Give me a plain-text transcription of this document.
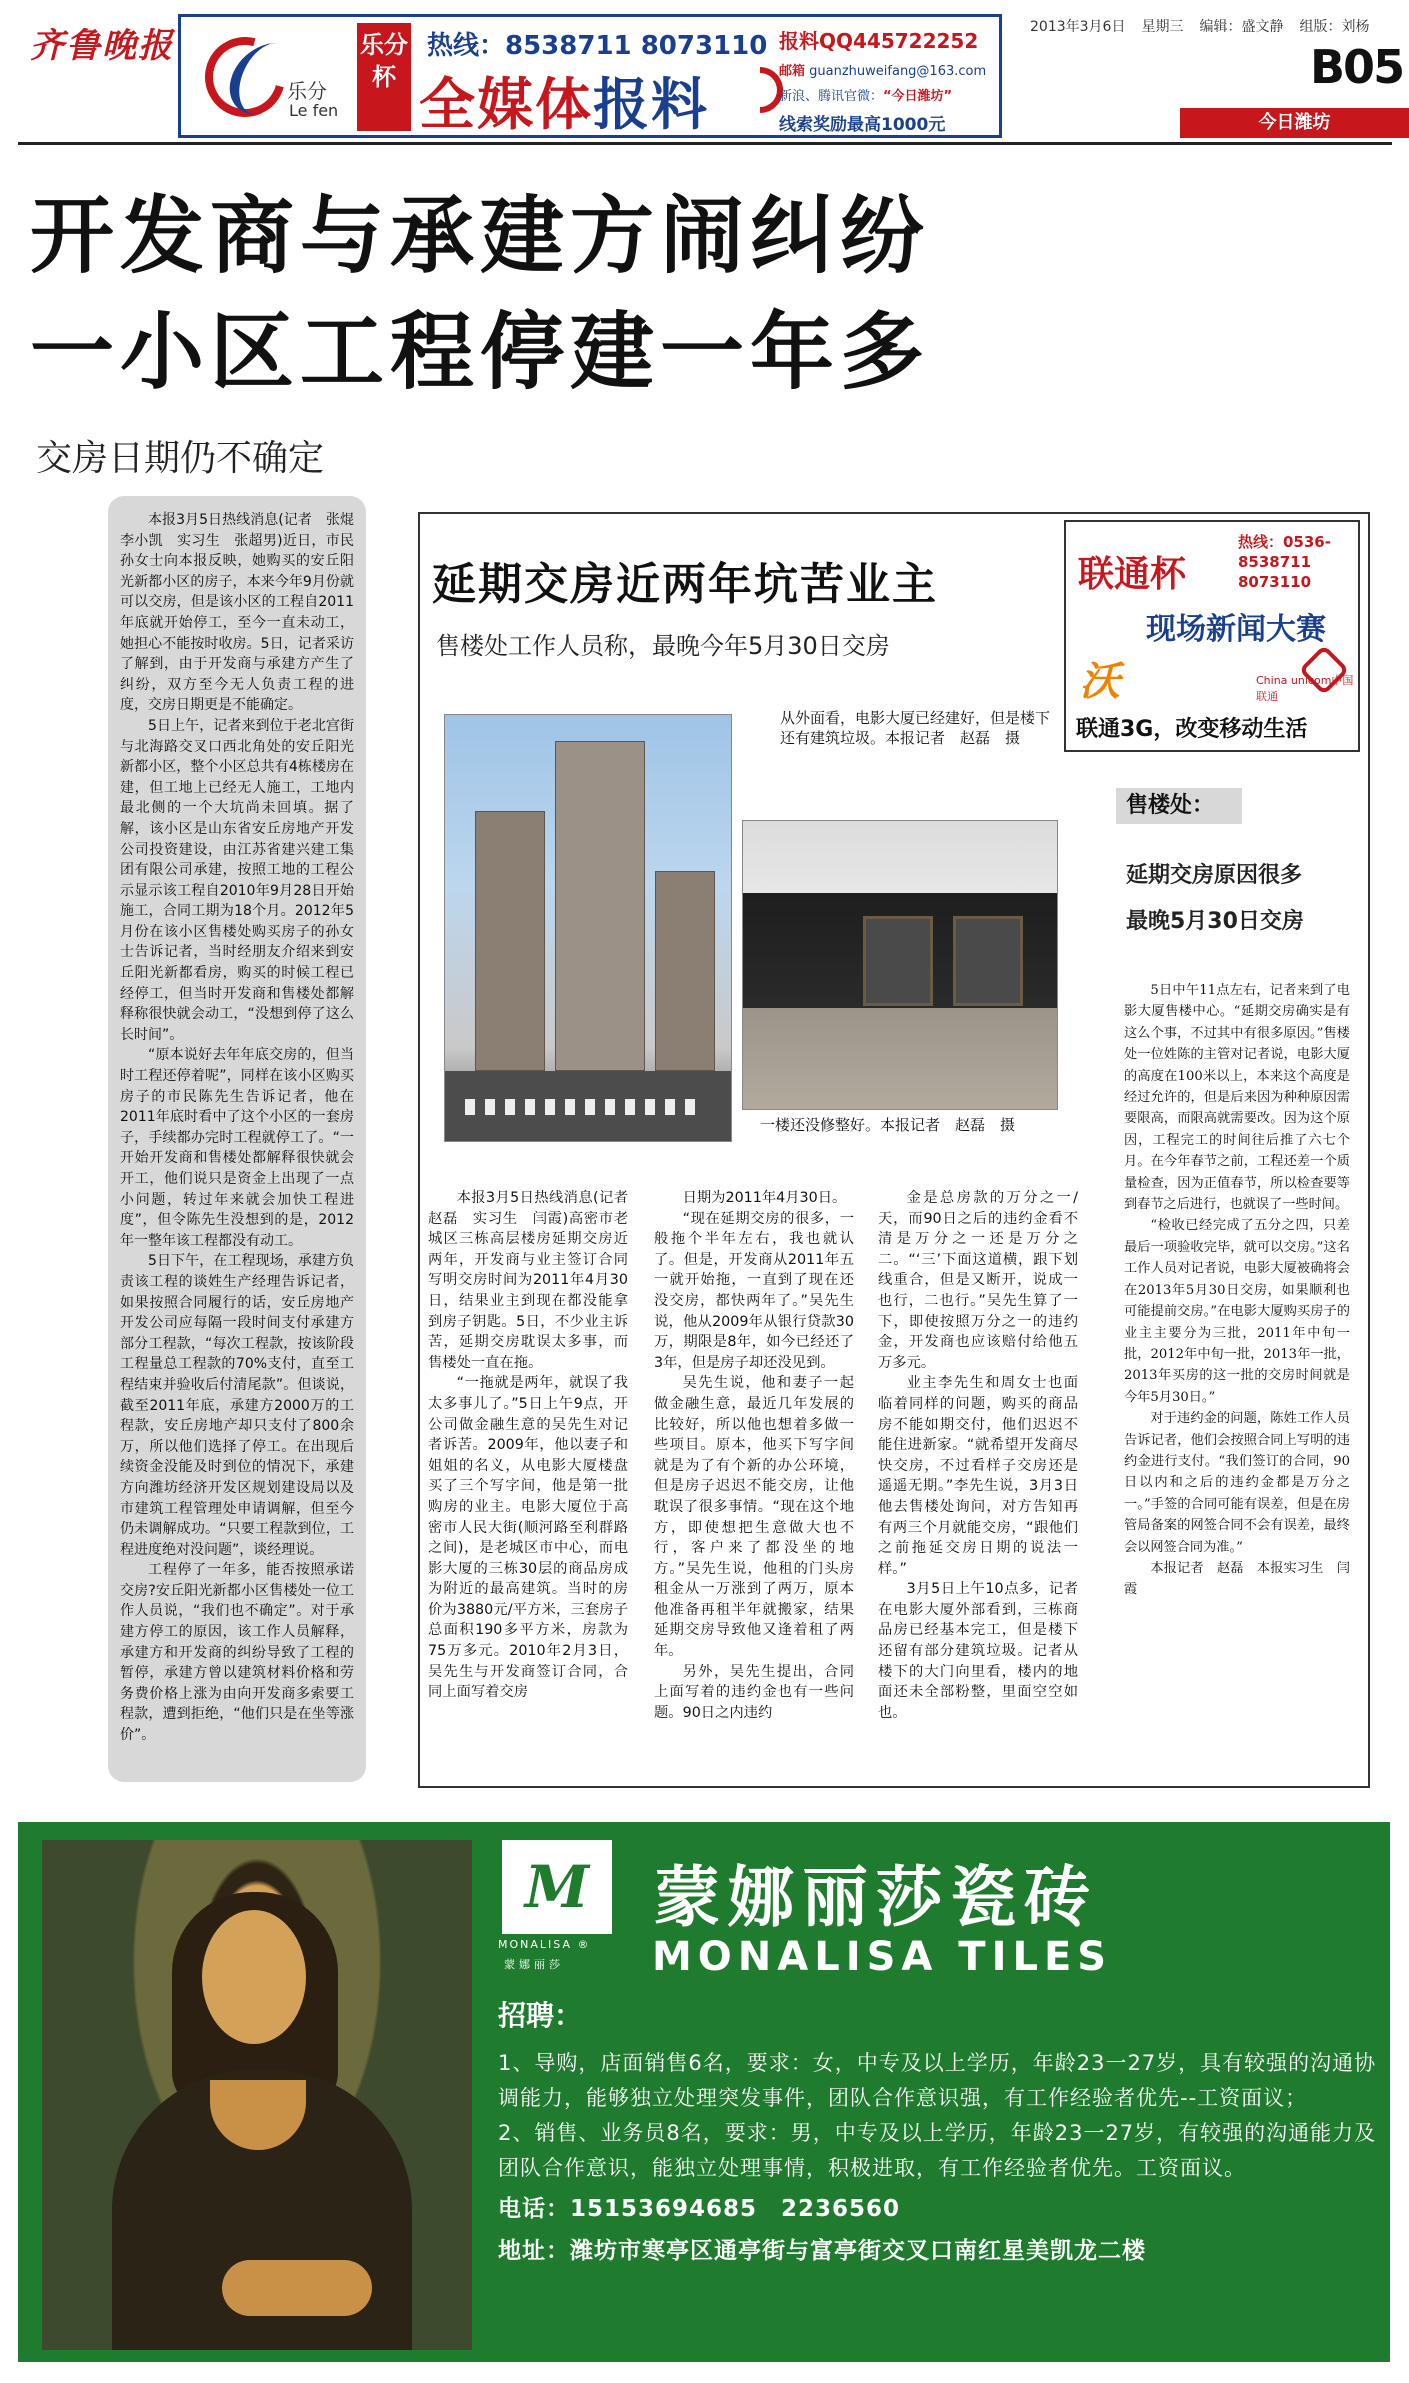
齐鲁晚报
乐分
Le fen
乐分杯
热线：8538711 8073110
全媒体报料
报料QQ445722252
邮箱 guanzhuweifang@163.com
新浪、腾讯官微：“今日潍坊”
线索奖励最高1000元
2013年3月6日 星期三 编辑：盛文静 组版：刘杨
B05
今日潍坊
开发商与承建方闹纠纷
一小区工程停建一年多
交房日期仍不确定

本报3月5日热线消息(记者　张焜　李小凯　实习生　张超男)近日，市民孙女士向本报反映，她购买的安丘阳光新都小区的房子，本来今年9月份就可以交房，但是该小区的工程自2011年底就开始停工，至今一直未动工，她担心不能按时收房。5日，记者采访了解到，由于开发商与承建方产生了纠纷，双方至今无人负责工程的进度，交房日期更是不能确定。

5日上午，记者来到位于老北宫街与北海路交叉口西北角处的安丘阳光新都小区，整个小区总共有4栋楼房在建，但工地上已经无人施工，工地内最北侧的一个大坑尚未回填。据了解，该小区是山东省安丘房地产开发公司投资建设，由江苏省建兴建工集团有限公司承建，按照工地的工程公示显示该工程自2010年9月28日开始施工，合同工期为18个月。2012年5月份在该小区售楼处购买房子的孙女士告诉记者，当时经朋友介绍来到安丘阳光新都看房，购买的时候工程已经停工，但当时开发商和售楼处都解释称很快就会动工，“没想到停了这么长时间”。

“原本说好去年年底交房的，但当时工程还停着呢”，同样在该小区购买房子的市民陈先生告诉记者，他在2011年底时看中了这个小区的一套房子，手续都办完时工程就停工了。“一开始开发商和售楼处都解释很快就会开工，他们说只是资金上出现了一点小问题，转过年来就会加快工程进度”，但令陈先生没想到的是，2012年一整年该工程都没有动工。

5日下午，在工程现场，承建方负责该工程的谈姓生产经理告诉记者，如果按照合同履行的话，安丘房地产开发公司应每隔一段时间支付承建方部分工程款，“每次工程款，按该阶段工程量总工程款的70%支付，直至工程结束并验收后付清尾款”。但谈说，截至2011年底，承建方2000万的工程款，安丘房地产却只支付了800余万，所以他们选择了停工。在出现后续资金没能及时到位的情况下，承建方向潍坊经济开发区规划建设局以及市建筑工程管理处申请调解，但至今仍未调解成功。“只要工程款到位，工程进度绝对没问题”，谈经理说。

工程停了一年多，能否按照承诺交房?安丘阳光新都小区售楼处一位工作人员说，“我们也不确定”。对于承建方停工的原因，该工作人员解释，承建方和开发商的纠纷导致了工程的暂停，承建方曾以建筑材料价格和劳务费价格上涨为由向开发商多索要工程款，遭到拒绝，“他们只是在坐等涨价”。

延期交房近两年坑苦业主
售楼处工作人员称，最晚今年5月30日交房
联通杯
热线：0536-
8538711
8073110
现场新闻大赛
沃	China unicom中国联通
联通3G，改变移动生活
从外面看，电影大厦已经建好，但是楼下还有建筑垃圾。本报记者　赵磊　摄
一楼还没修整好。本报记者　赵磊　摄
售楼处：
延期交房原因很多
最晚5月30日交房

本报3月5日热线消息(记者　赵磊　实习生　闫霞)高密市老城区三栋高层楼房延期交房近两年，开发商与业主签订合同写明交房时间为2011年4月30日，结果业主到现在都没能拿到房子钥匙。5日，不少业主诉苦，延期交房耽误太多事，而售楼处一直在拖。

“一拖就是两年，就误了我太多事儿了。”5日上午9点，开公司做金融生意的吴先生对记者诉苦。2009年，他以妻子和姐姐的名义，从电影大厦楼盘买了三个写字间，他是第一批购房的业主。电影大厦位于高密市人民大街(顺河路至利群路之间)，是老城区市中心，而电影大厦的三栋30层的商品房成为附近的最高建筑。当时的房价为3880元/平方米，三套房子总面积190多平方米，房款为75万多元。2010年2月3日，吴先生与开发商签订合同，合同上面写着交房

日期为2011年4月30日。

“现在延期交房的很多，一般拖个半年左右，我也就认了。但是，开发商从2011年五一就开始拖，一直到了现在还没交房，都快两年了。”吴先生说，他从2009年从银行贷款30万，期限是8年，如今已经还了3年，但是房子却还没见到。

吴先生说，他和妻子一起做金融生意，最近几年发展的比较好，所以他也想着多做一些项目。原本，他买下写字间就是为了有个新的办公环境，但是房子迟迟不能交房，让他耽误了很多事情。“现在这个地方，即使想把生意做大也不行，客户来了都没坐的地方。”吴先生说，他租的门头房租金从一万涨到了两万，原本他准备再租半年就搬家，结果延期交房导致他又逢着租了两年。

另外，吴先生提出，合同上面写着的违约金也有一些问题。90日之内违约

金是总房款的万分之一/天，而90日之后的违约金看不清是万分之一还是万分之二。“‘三’下面这道横，跟下划线重合，但是又断开，说成一也行，二也行。”吴先生算了一下，即使按照万分之一的违约金，开发商也应该赔付给他五万多元。

业主李先生和周女士也面临着同样的问题，购买的商品房不能如期交付，他们迟迟不能住进新家。“就希望开发商尽快交房，不过看样子交房还是遥遥无期。”李先生说，3月3日他去售楼处询问，对方告知再有两三个月就能交房，“跟他们之前拖延交房日期的说法一样。”

3月5日上午10点多，记者在电影大厦外部看到，三栋商品房已经基本完工，但是楼下还留有部分建筑垃圾。记者从楼下的大门向里看，楼内的地面还未全部粉整，里面空空如也。

5日中午11点左右，记者来到了电影大厦售楼中心。“延期交房确实是有这么个事，不过其中有很多原因。”售楼处一位姓陈的主管对记者说，电影大厦的高度在100米以上，本来这个高度是经过允许的，但是后来因为种种原因需要限高，而限高就需要改。因为这个原因，工程完工的时间往后推了六七个月。在今年春节之前，工程还差一个质量检查，因为正值春节，所以检查要等到春节之后进行，也就误了一些时间。

“检收已经完成了五分之四，只差最后一项验收完毕，就可以交房。”这名工作人员对记者说，电影大厦被确将会在2013年5月30日交房，如果顺利也可能提前交房。”在电影大厦购买房子的业主主要分为三批，2011年中旬一批，2012年中旬一批，2013年一批，2013年买房的这一批的交房时间就是今年5月30日。”

对于违约金的问题，陈姓工作人员告诉记者，他们会按照合同上写明的违约金进行支付。“我们签订的合同，90日以内和之后的违约金都是万分之一。”手签的合同可能有误差，但是在房管局备案的网签合同不会有误差，最终会以网签合同为准。”

本报记者　赵磊　本报实习生　闫霞

M
MONALISA ®
蒙娜丽莎
蒙娜丽莎瓷砖
MONALISA TILES
招聘：
1、导购，店面销售6名，要求：女，中专及以上学历，年龄23一27岁，具有较强的沟通协调能力，能够独立处理突发事件，团队合作意识强，有工作经验者优先--工资面议；
2、销售、业务员8名，要求：男，中专及以上学历，年龄23一27岁，有较强的沟通能力及团队合作意识，能独立处理事情，积极进取，有工作经验者优先。工资面议。
电话：15153694685　2236560
地址：潍坊市寒亭区通亭街与富亭街交叉口南红星美凯龙二楼
